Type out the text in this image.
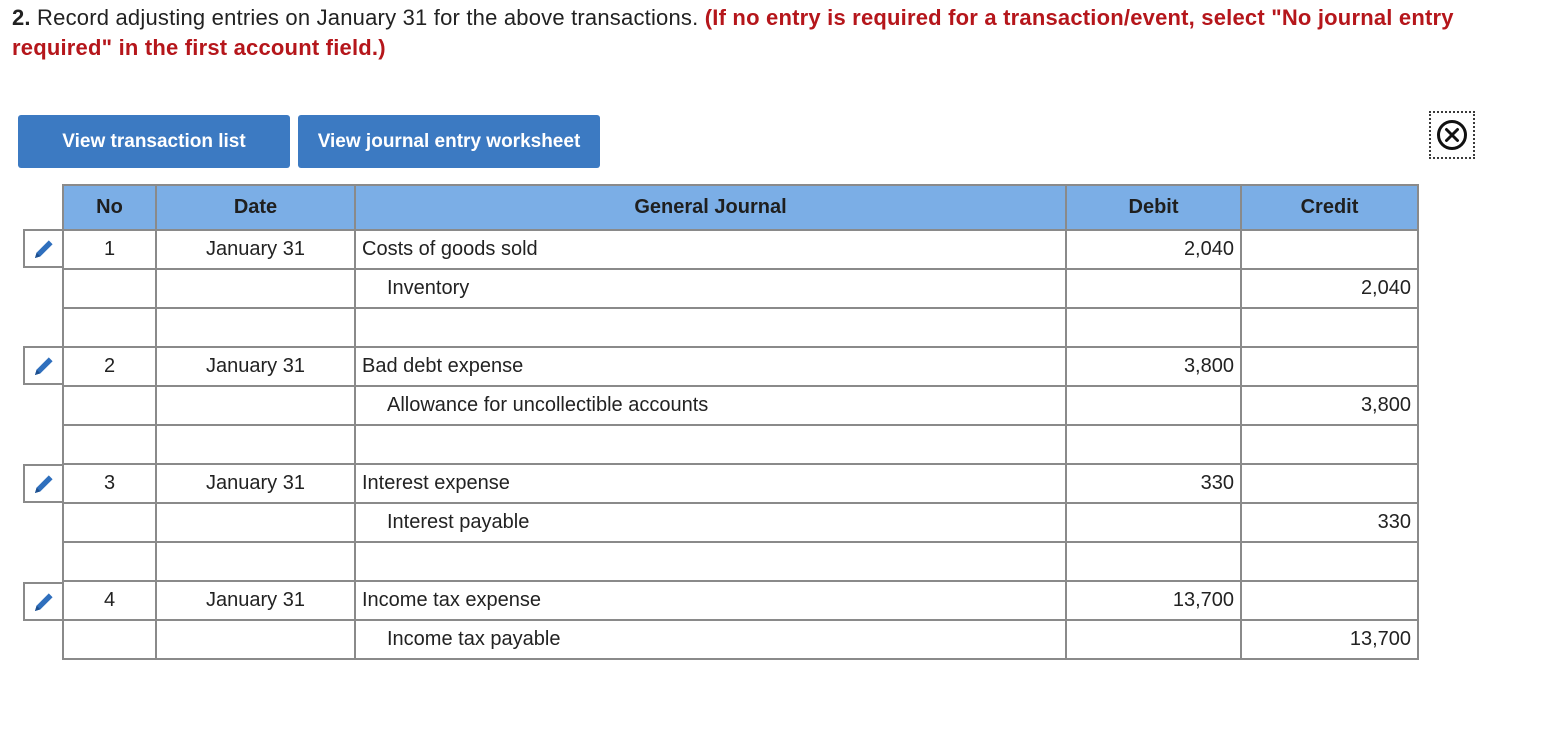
2. Record adjusting entries on January 31 for the above transactions. (If no entry is required for a transaction/event, select "No journal entry required" in the first account field.)
View transaction list	View journal entry worksheet
No	Date	General Journal	Debit	Credit
1	January 31	Costs of goods sold	2,040	
		Inventory		2,040

2	January 31	Bad debt expense	3,800	
		Allowance for uncollectible accounts		3,800

3	January 31	Interest expense	330	
		Interest payable		330

4	January 31	Income tax expense	13,700	
		Income tax payable		13,700
